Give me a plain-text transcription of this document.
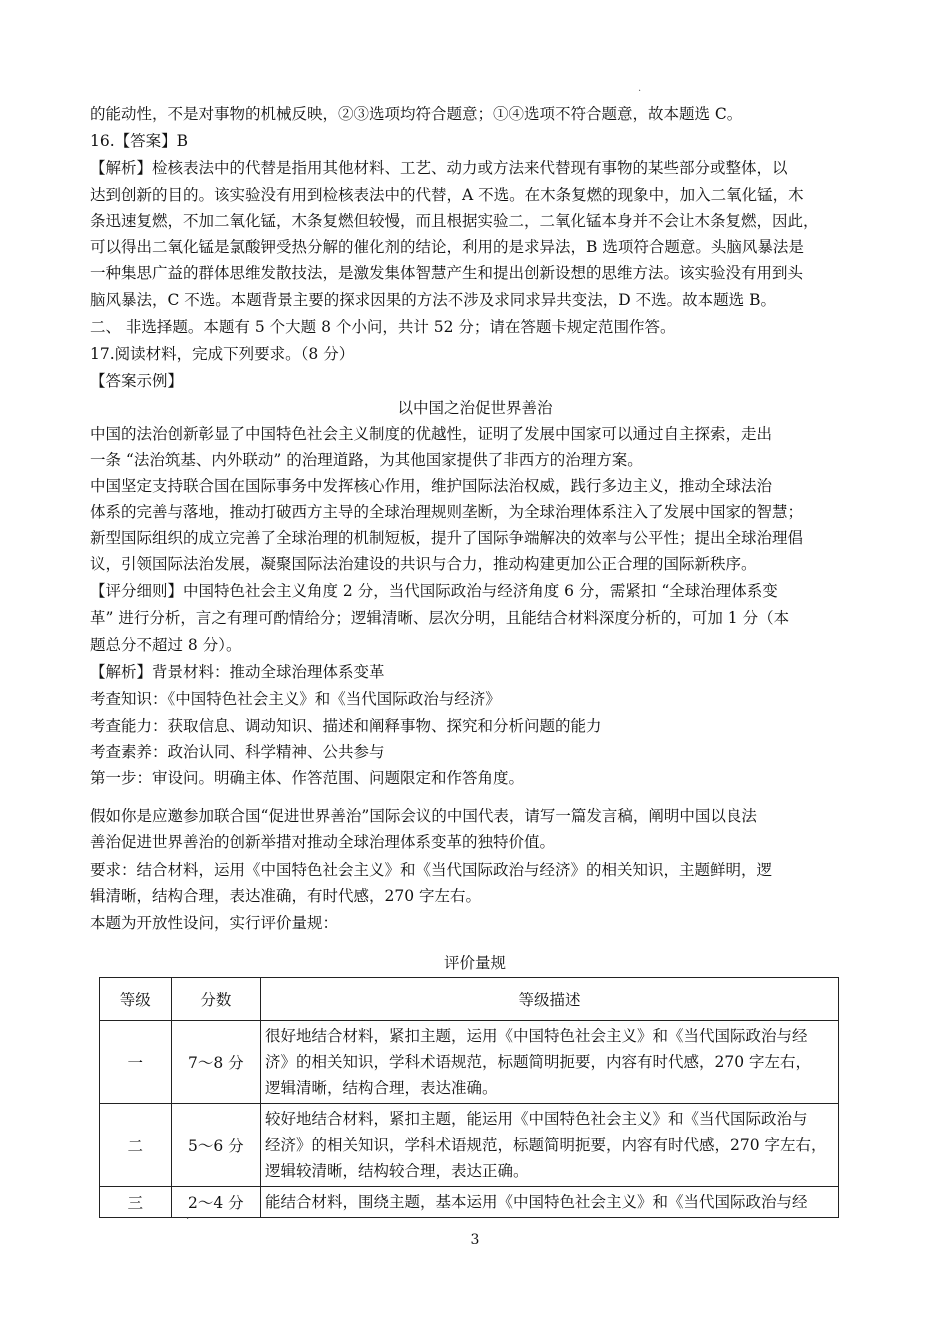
·
的能动性，不是对事物的机械反映，②③选项均符合题意；①④选项不符合题意，故本题选 C。
16.【答案】B
【解析】检核表法中的代替是指用其他材料、工艺、动力或方法来代替现有事物的某些部分或整体，以
达到创新的目的。该实验没有用到检核表法中的代替，A 不选。在木条复燃的现象中，加入二氧化锰，木
条迅速复燃，不加二氧化锰，木条复燃但较慢，而且根据实验二，二氧化锰本身并不会让木条复燃，因此，
可以得出二氧化锰是氯酸钾受热分解的催化剂的结论，利用的是求异法，B 选项符合题意。头脑风暴法是
一种集思广益的群体思维发散技法，是激发集体智慧产生和提出创新设想的思维方法。该实验没有用到头
脑风暴法，C 不选。本题背景主要的探求因果的方法不涉及求同求异共变法，D 不选。故本题选 B。
二、 非选择题。本题有 5 个大题 8 个小问，共计 52 分；请在答题卡规定范围作答。
17.阅读材料，完成下列要求。（8 分）
【答案示例】
以中国之治促世界善治
中国的法治创新彰显了中国特色社会主义制度的优越性，证明了发展中国家可以通过自主探索，走出
一条 “法治筑基、内外联动” 的治理道路，为其他国家提供了非西方的治理方案。
中国坚定支持联合国在国际事务中发挥核心作用，维护国际法治权威，践行多边主义，推动全球法治
体系的完善与落地，推动打破西方主导的全球治理规则垄断，为全球治理体系注入了发展中国家的智慧；
新型国际组织的成立完善了全球治理的机制短板，提升了国际争端解决的效率与公平性；提出全球治理倡
议，引领国际法治发展，凝聚国际法治建设的共识与合力，推动构建更加公正合理的国际新秩序。
【评分细则】中国特色社会主义角度 2 分，当代国际政治与经济角度 6 分，需紧扣 “全球治理体系变
革” 进行分析，言之有理可酌情给分；逻辑清晰、层次分明，且能结合材料深度分析的，可加 1 分（本
题总分不超过 8 分）。
【解析】背景材料：推动全球治理体系变革
考查知识：《中国特色社会主义》和《当代国际政治与经济》
考查能力：获取信息、调动知识、描述和阐释事物、探究和分析问题的能力
考查素养：政治认同、科学精神、公共参与
第一步：审设问。明确主体、作答范围、问题限定和作答角度。
假如你是应邀参加联合国“促进世界善治”国际会议的中国代表，请写一篇发言稿，阐明中国以良法
善治促进世界善治的创新举措对推动全球治理体系变革的独特价值。
要求：结合材料，运用《中国特色社会主义》和《当代国际政治与经济》的相关知识，主题鲜明，逻
辑清晰，结构合理，表达准确，有时代感，270 字左右。
本题为开放性设问，实行评价量规：
评价量规
等级	分数	等级描述
一	7～8 分	很好地结合材料，紧扣主题，运用《中国特色社会主义》和《当代国际政治与经
济》的相关知识，学科术语规范，标题简明扼要，内容有时代感，270 字左右，
逻辑清晰，结构合理，表达准确。

二	5～6 分	较好地结合材料，紧扣主题，能运用《中国特色社会主义》和《当代国际政治与
经济》的相关知识，学科术语规范，标题简明扼要，内容有时代感，270 字左右，
逻辑较清晰，结构较合理，表达正确。

三	2～4 分	能结合材料，围绕主题，基本运用《中国特色社会主义》和《当代国际政治与经
·
3
